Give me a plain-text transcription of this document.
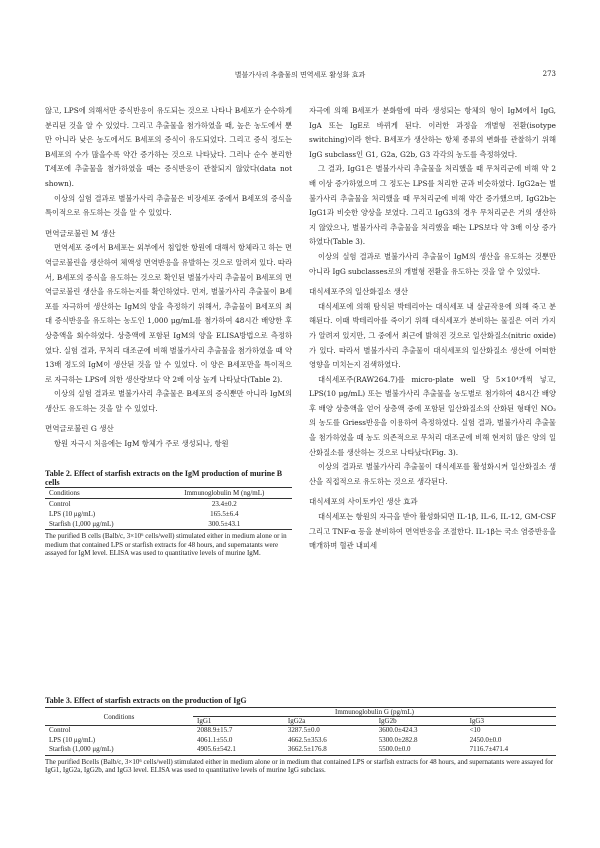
별불가사리 추출물의 면역세포 활성화 효과	273

않고, LPS에 의해서만 증식반응이 유도되는 것으로 나타나 B세포가 순수하게 분리된 것을 알 수 있었다. 그리고 추출물을 첨가하였을 때, 높은 농도에서 뿐만 아니라 낮은 농도에서도 B세포의 증식이 유도되었다. 그리고 증식 정도는 B세포의 수가 많을수록 약간 증가하는 것으로 나타났다. 그러나 순수 분리한 T세포에 추출물을 첨가하였을 때는 증식반응이 관찰되지 않았다(data not shown).

이상의 실험 결과로 별불가사리 추출물은 비장세포 중에서 B세포의 증식을 특이적으로 유도하는 것을 알 수 있었다.

면역글로불린 M 생산

면역세포 중에서 B세포는 외부에서 침입한 항원에 대해서 항체라고 하는 면역글로불린을 생산하여 체액성 면역반응을 유발하는 것으로 알려져 있다. 따라서, B세포의 증식을 유도하는 것으로 확인된 별불가사리 추출물이 B세포의 면역글로불린 생산을 유도하는지를 확인하였다. 먼저, 별불가사리 추출물이 B세포를 자극하여 생산하는 IgM의 양을 측정하기 위해서, 추출물이 B세포의 최대 증식반응을 유도하는 농도인 1,000 μg/mL를 첨가하여 48시간 배양한 후 상층액을 회수하였다. 상층액에 포함된 IgM의 양을 ELISA방법으로 측정하였다. 실험 결과, 무처리 대조군에 비해 별불가사리 추출물을 첨가하였을 때 약 13배 정도의 IgM이 생산된 것을 알 수 있었다. 이 양은 B세포만을 특이적으로 자극하는 LPS에 의한 생산량보다 약 2배 이상 높게 나타났다(Table 2).

이상의 실험 결과로 별불가사리 추출물은 B세포의 증식뿐만 아니라 IgM의 생산도 유도하는 것을 알 수 있었다.

면역글로불린 G 생산

항원 자극시 처음에는 IgM 항체가 주로 생성되나, 항원

자극에 의해 B세포가 분화함에 따라 생성되는 항체의 형이 IgM에서 IgG, IgA 또는 IgE로 바뀌게 된다. 이러한 과정을 개별형 전환(isotype switching)이라 한다. B세포가 생산하는 항체 종류의 변화를 관찰하기 위해 IgG subclass인 G1, G2a, G2b, G3 각각의 농도를 측정하였다.

그 결과, IgG1은 별불가사리 추출물을 처리했을 때 무처리군에 비해 약 2배 이상 증가하였으며 그 정도는 LPS를 처리한 군과 비슷하였다. IgG2a는 별불가사리 추출물을 처리했을 때 무처리군에 비해 약간 증가했으며, IgG2b는 IgG1과 비슷한 양상을 보였다. 그리고 IgG3의 경우 무처리군은 거의 생산하지 않았으나, 별불가사리 추출물을 처리했을 때는 LPS보다 약 3배 이상 증가하였다(Table 3).

이상의 실험 결과로 별불가사리 추출물이 IgM의 생산을 유도하는 것뿐만 아니라 IgG subclasses로의 개별형 전환을 유도하는 것을 알 수 있었다.

대식세포주의 일산화질소 생산

대식세포에 의해 탐식된 박테리아는 대식세포 내 살균작용에 의해 죽고 분해된다. 이때 박테리아를 죽이기 위해 대식세포가 분비하는 물질은 여러 가지가 알려져 있지만, 그 중에서 최근에 밝혀진 것으로 일산화질소(nitric oxide)가 있다. 따라서 별불가사리 추출물이 대식세포의 일산화질소 생산에 어떠한 영향을 미치는지 검색하였다.

대식세포주(RAW264.7)를 micro-plate well 당 5×10⁴개씩 넣고, LPS(10 μg/mL) 또는 별불가사리 추출물을 농도별로 첨가하여 48시간 배양 후 배양 상층액을 얻어 상층액 중에 포함된 일산화질소의 산화된 형태인 NO₂의 농도를 Griess반응을 이용하여 측정하였다. 실험 결과, 별불가사리 추출물을 첨가하였을 때 농도 의존적으로 무처리 대조군에 비해 현저히 많은 양의 일산화질소를 생산하는 것으로 나타났다(Fig. 3).

이상의 결과로 별불가사리 추출물이 대식세포를 활성화시켜 일산화질소 생산을 직접적으로 유도하는 것으로 생각된다.

대식세포의 사이토카인 생산 효과

대식세포는 항원의 자극을 받아 활성화되면 IL-1β, IL-6, IL-12, GM-CSF 그리고 TNF-α 등을 분비하여 면역반응을 조절한다. IL-1β는 국소 염증반응을 매개하며 혈관 내피세

Table 2. Effect of starfish extracts on the IgM production of murine B cells
Conditions	Immunoglobulin M (ng/mL)
Control	23.4±0.2
LPS (10 μg/mL)	165.5±6.4
Starfish (1,000 μg/mL)	300.5±43.1
The purified B cells (Balb/c, 3×10⁶ cells/well) stimulated either in medium alone or in medium that contained LPS or starfish extracts for 48 hours, and supernatants were assayed for IgM level. ELISA was used to quantitative levels of murine IgM.
Table 3. Effect of starfish extracts on the production of IgG
Conditions	Immunoglobulin G (pg/mL)			
	IgG1	IgG2a	IgG2b	IgG3
Control	2088.9±15.7	3287.5±0.0	3600.0±424.3	<10
LPS (10 μg/mL)	4061.1±55.0	4662.5±353.6	5300.0±282.8	2450.0±0.0
Starfish (1,000 μg/mL)	4905.6±542.1	3662.5±176.8	5500.0±0.0	7116.7±471.4
The purified Bcells (Balb/c, 3×10⁶ cells/well) stimulated either in medium alone or in medium that contained LPS or starfish extracts for 48 hours, and supernatants were assayed for IgG1, IgG2a, IgG2b, and IgG3 level. ELISA was used to quantitative levels of murine IgG subclass.
